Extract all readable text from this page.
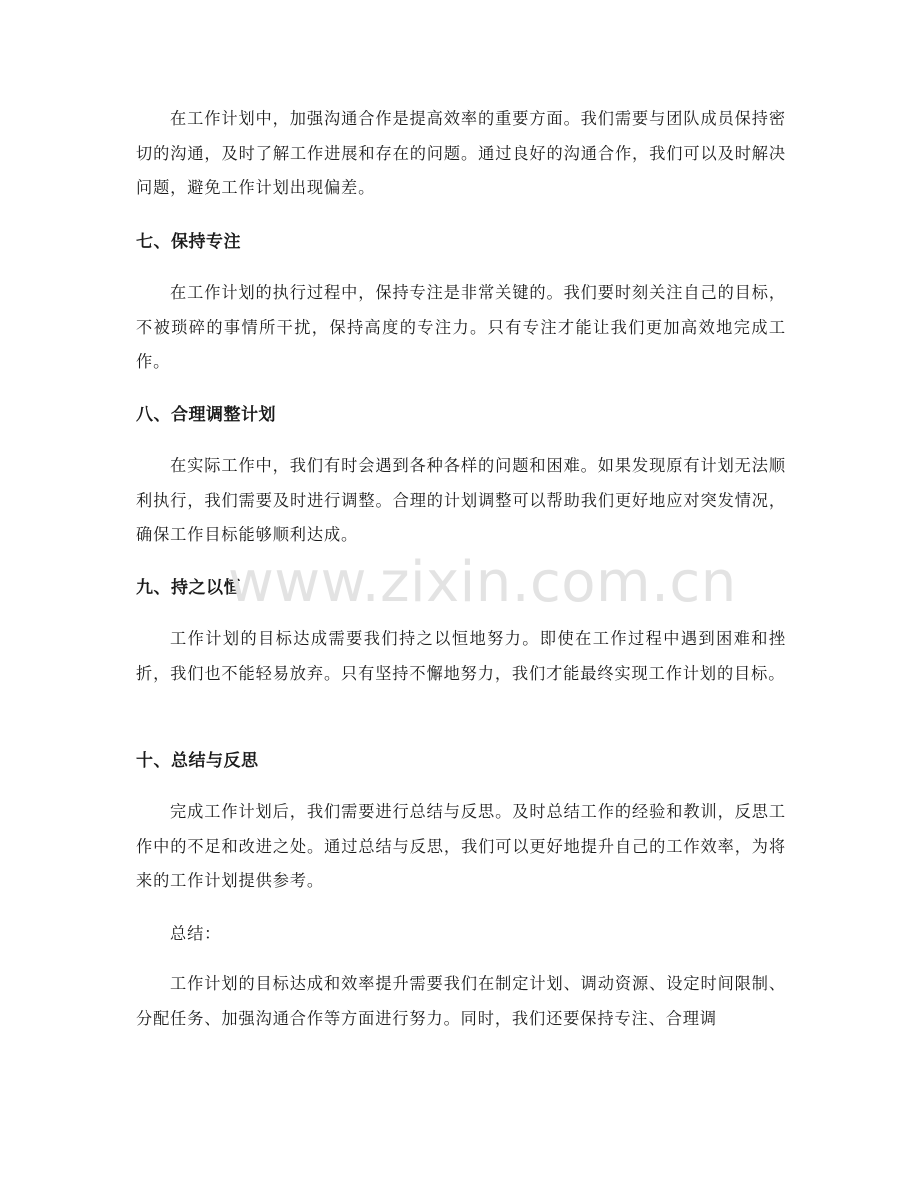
在工作计划中，加强沟通合作是提高效率的重要方面。我们需要与团队成员保持密切的沟通，及时了解工作进展和存在的问题。通过良好的沟通合作，我们可以及时解决问题，避免工作计划出现偏差。

七、保持专注

在工作计划的执行过程中，保持专注是非常关键的。我们要时刻关注自己的目标，不被琐碎的事情所干扰，保持高度的专注力。只有专注才能让我们更加高效地完成工作。

八、合理调整计划

在实际工作中，我们有时会遇到各种各样的问题和困难。如果发现原有计划无法顺利执行，我们需要及时进行调整。合理的计划调整可以帮助我们更好地应对突发情况，确保工作目标能够顺利达成。

九、持之以恒

工作计划的目标达成需要我们持之以恒地努力。即使在工作过程中遇到困难和挫折，我们也不能轻易放弃。只有坚持不懈地努力，我们才能最终实现工作计划的目标。

十、总结与反思

完成工作计划后，我们需要进行总结与反思。及时总结工作的经验和教训，反思工作中的不足和改进之处。通过总结与反思，我们可以更好地提升自己的工作效率，为将来的工作计划提供参考。

总结：

工作计划的目标达成和效率提升需要我们在制定计划、调动资源、设定时间限制、分配任务、加强沟通合作等方面进行努力。同时，我们还要保持专注、合理调

www.zixin.com.cn
